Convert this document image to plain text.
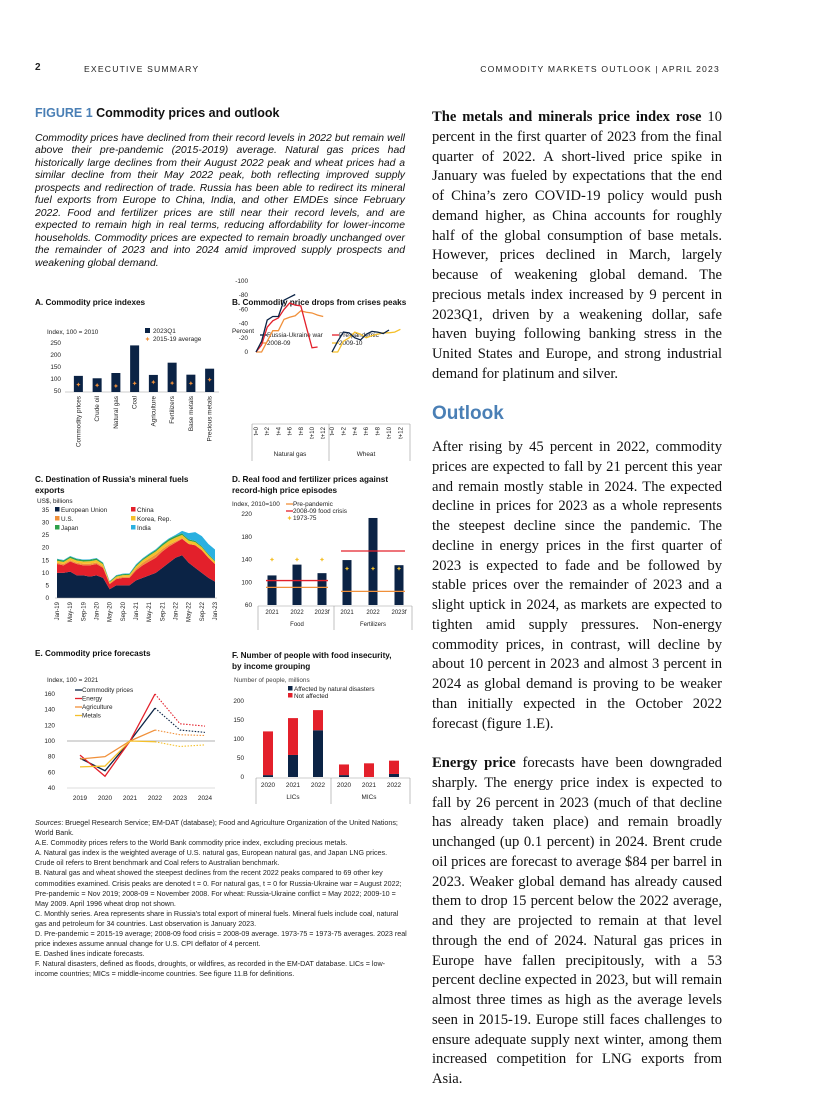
2	EXECUTIVE SUMMARY	COMMODITY MARKETS OUTLOOK | APRIL 2023
FIGURE 1 Commodity prices and outlook
Commodity prices have declined from their record levels in 2022 but remain well above their pre-pandemic (2015-2019) average. Natural gas prices had historically large declines from their August 2022 peak and wheat prices had a similar decline from their May 2022 peak, both reflecting improved supply prospects and redirection of trade. Russia has been able to redirect its mineral fuel exports from Europe to China, India, and other EMDEs since February 2022. Food and fertilizer prices are still near their record levels, and are expected to remain high in real terms, reducing affordability for lower-income households. Commodity prices are expected to remain broadly unchanged over the remainder of 2023 and into 2024 amid improved supply prospects and weakening global demand.
A. Commodity price indexes	B. Commodity price drops from crises peaks
C. Destination of Russia’s mineral fuels exports
D. Real food and fertilizer prices against record-high price episodes
E. Commodity price forecasts	F. Number of people with food insecurity, by income grouping
Index, 100 = 2010	2023Q1
2015-19 average
50
100
150
200
250
Commodity prices Crude oil Natural gas Coal Agriculture Fertilizers Base metals Precious metals
Percent
Russia-Ukraine war	Pre-pandemic
2008-09	2009-10
0
-20
-40
-60
-80
-100
t=0 t+2 t+4 t+6 t+8 t+10 t+12
Natural gas
t=0 t+2 t+4 t+6 t+8 t+10 t+12
Wheat
US$, billions
0
5
10
15
20
25
30
35
Jan-19 May-19 Sep-19 Jan-20 May-20 Sep-20 Jan-21 May-21 Sep-21 Jan-22 May-22 Sep-22 Jan-23
European Union	China
U.S.	Korea, Rep.
Japan	India
Index, 2010=100 Pre-pandemic
2008-09 food crisis
1973-75
60
100
140
180
220
2021 2022 2023f
Food
2021 2022 2023f
Fertilizers
Index, 100 = 2021
40
60
80
100
120
140
160
2019 2020 2021 2022 2023 2024
Commodity prices
Energy
Agriculture
Metals
Number of people, millions
Affected by natural disasters
Not affected
0
50
100
150
200
2020 2021 2022
LICs
2020 2021 2022
MICs

Sources: Bruegel Research Service; EM-DAT (database); Food and Agriculture Organization of the United Nations; World Bank.

A.E. Commodity prices refers to the World Bank commodity price index, excluding precious metals.

A. Natural gas index is the weighted average of U.S. natural gas, European natural gas, and Japan LNG prices. Crude oil refers to Brent benchmark and Coal refers to Australian benchmark.

B. Natural gas and wheat showed the steepest declines from the recent 2022 peaks compared to 69 other key commodities examined. Crisis peaks are denoted t = 0. For natural gas, t = 0 for Russia-Ukraine war = August 2022; Pre-pandemic = Nov 2019; 2008-09 = November 2008. For wheat: Russia-Ukraine conflict = May 2022; 2009-10 = May 2009. April 1996 wheat drop not shown.

C. Monthly series. Area represents share in Russia's total export of mineral fuels. Mineral fuels include coal, natural gas and petroleum for 34 countries. Last observation is January 2023.

D. Pre-pandemic = 2015-19 average; 2008-09 food crisis = 2008-09 average. 1973-75 = 1973-75 averages. 2023 real price indexes assume annual change for U.S. CPI deflator of 4 percent.

E. Dashed lines indicate forecasts.

F. Natural disasters, defined as floods, droughts, or wildfires, as recorded in the EM-DAT database. LICs = low-income countries; MICs = middle-income countries. See figure 11.B for definitions.

The metals and minerals price index rose 10 percent in the first quarter of 2023 from the final quarter of 2022. A short-lived price spike in January was fueled by expectations that the end of China’s zero COVID-19 policy would push demand higher, as China accounts for roughly half of the global consumption of base metals. However, prices declined in March, largely because of weakening global demand. The precious metals index increased by 9 percent in 2023Q1, driven by a weakening dollar, safe haven buying following banking stress in the United States and Europe, and strong industrial demand for platinum and silver.

Outlook

After rising by 45 percent in 2022, commodity prices are expected to fall by 21 percent this year and remain mostly stable in 2024. The expected decline in prices for 2023 as a whole represents the steepest decline since the pandemic. The decline in energy prices in the first quarter of 2023 is expected to fade and be followed by stable prices over the remainder of 2023 and a slight uptick in 2024, as markets are expected to tighten amid supply pressures. Non-energy commodity prices, in contrast, will decline by about 10 percent in 2023 and almost 3 percent in 2024 as global demand is proving to be weaker than initially expected in the October 2022 forecast (figure 1.E).

Energy price forecasts have been downgraded sharply. The energy price index is expected to fall by 26 percent in 2023 (much of that decline has already taken place) and remain broadly unchanged (up 0.1 percent) in 2024. Brent crude oil prices are forecast to average $84 per barrel in 2023. Weaker global demand has already caused them to drop 15 percent below the 2022 average, and they are projected to remain at that level through the end of 2024. Natural gas prices in Europe have fallen precipitously, with a 53 percent decline expected in 2023, but will remain almost three times as high as the average levels seen in 2015-19. Europe still faces challenges to ensure adequate supply next winter, among them increased competition for LNG exports from Asia.
